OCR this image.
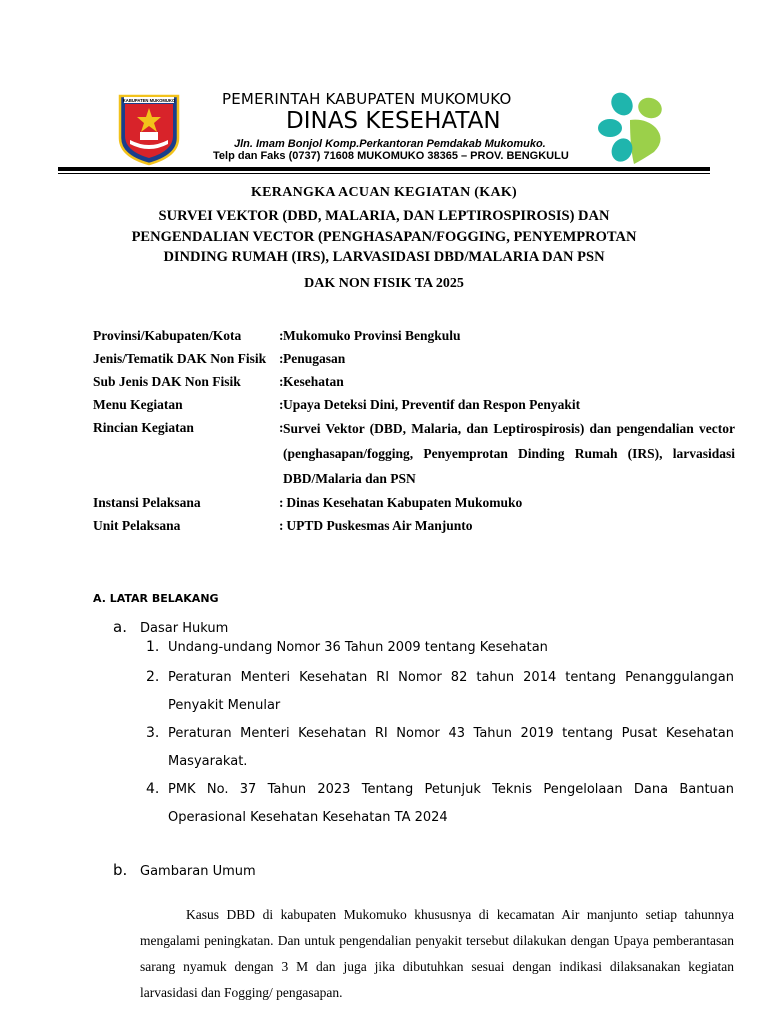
KABUPATEN MUKOMUKO	PEMERINTAH KABUPATEN MUKOMUKO
DINAS KESEHATAN
Jln. Imam Bonjol Komp.Perkantoran Pemdakab Mukomuko.
Telp dan Faks (0737) 71608 MUKOMUKO 38365 – PROV. BENGKULU
KERANGKA ACUAN KEGIATAN (KAK)
SURVEI VEKTOR (DBD, MALARIA, DAN LEPTIROSPIROSIS) DAN
PENGENDALIAN VECTOR (PENGHASAPAN/FOGGING, PENYEMPROTAN
DINDING RUMAH (IRS), LARVASIDASI DBD/MALARIA DAN PSN
DAK NON FISIK TA 2025
Provinsi/Kabupaten/Kota	: Mukomuko Provinsi Bengkulu
Jenis/Tematik DAK Non Fisik : Penugasan
Sub Jenis DAK Non Fisik	: Kesehatan
Menu Kegiatan	: Upaya Deteksi Dini, Preventif dan Respon Penyakit
Rincian Kegiatan	: Survei Vektor (DBD, Malaria, dan Leptirospirosis) dan pengendalian vector (penghasapan/fogging, Penyemprotan Dinding Rumah (IRS), larvasidasi DBD/Malaria dan PSN
Instansi Pelaksana	: Dinas Kesehatan Kabupaten Mukomuko
Unit Pelaksana	: UPTD Puskesmas Air Manjunto
A. LATAR BELAKANG
a. Dasar Hukum
1. Undang-undang Nomor 36 Tahun 2009 tentang Kesehatan
2. Peraturan Menteri Kesehatan RI Nomor 82 tahun 2014 tentang Penanggulangan Penyakit Menular
3. Peraturan Menteri Kesehatan RI Nomor 43 Tahun 2019 tentang Pusat Kesehatan Masyarakat.
4. PMK No. 37 Tahun 2023 Tentang Petunjuk Teknis Pengelolaan Dana Bantuan Operasional Kesehatan Kesehatan TA 2024
b. Gambaran Umum
Kasus DBD di kabupaten Mukomuko khususnya di kecamatan Air manjunto setiap tahunnya mengalami peningkatan. Dan untuk pengendalian penyakit tersebut dilakukan dengan Upaya pemberantasan sarang nyamuk dengan 3 M dan juga jika dibutuhkan sesuai dengan indikasi dilaksanakan kegiatan larvasidasi dan Fogging/ pengasapan.
